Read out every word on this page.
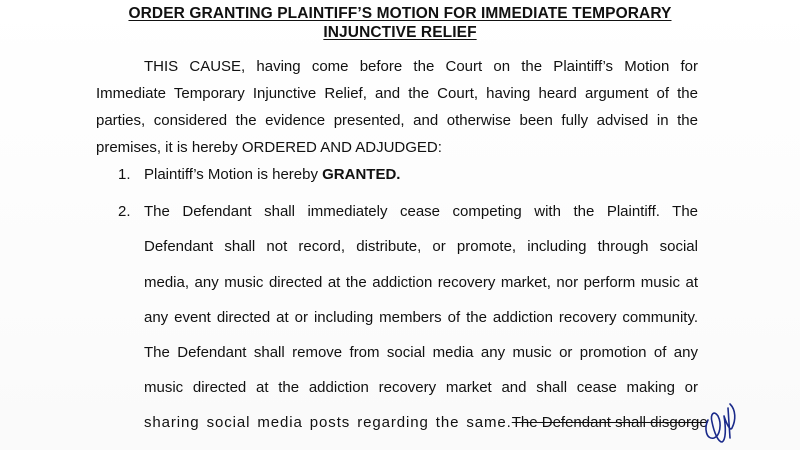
ORDER GRANTING PLAINTIFF’S MOTION FOR IMMEDIATE TEMPORARY
INJUNCTIVE RELIEF
THIS CAUSE, having come before the Court on the Plaintiff’s Motion for
Immediate Temporary Injunctive Relief, and the Court, having heard argument of the
parties, considered the evidence presented, and otherwise been fully advised in the
premises, it is hereby ORDERED AND ADJUDGED:
1. Plaintiff’s Motion is hereby GRANTED.
2. The Defendant shall immediately cease competing with the Plaintiff. The
Defendant shall not record, distribute, or promote, including through social
media, any music directed at the addiction recovery market, nor perform music at
any event directed at or including members of the addiction recovery community.
The Defendant shall remove from social media any music or promotion of any
music directed at the addiction recovery market and shall cease making or
sharing social media posts regarding the same. The Defendant shall disgorge
